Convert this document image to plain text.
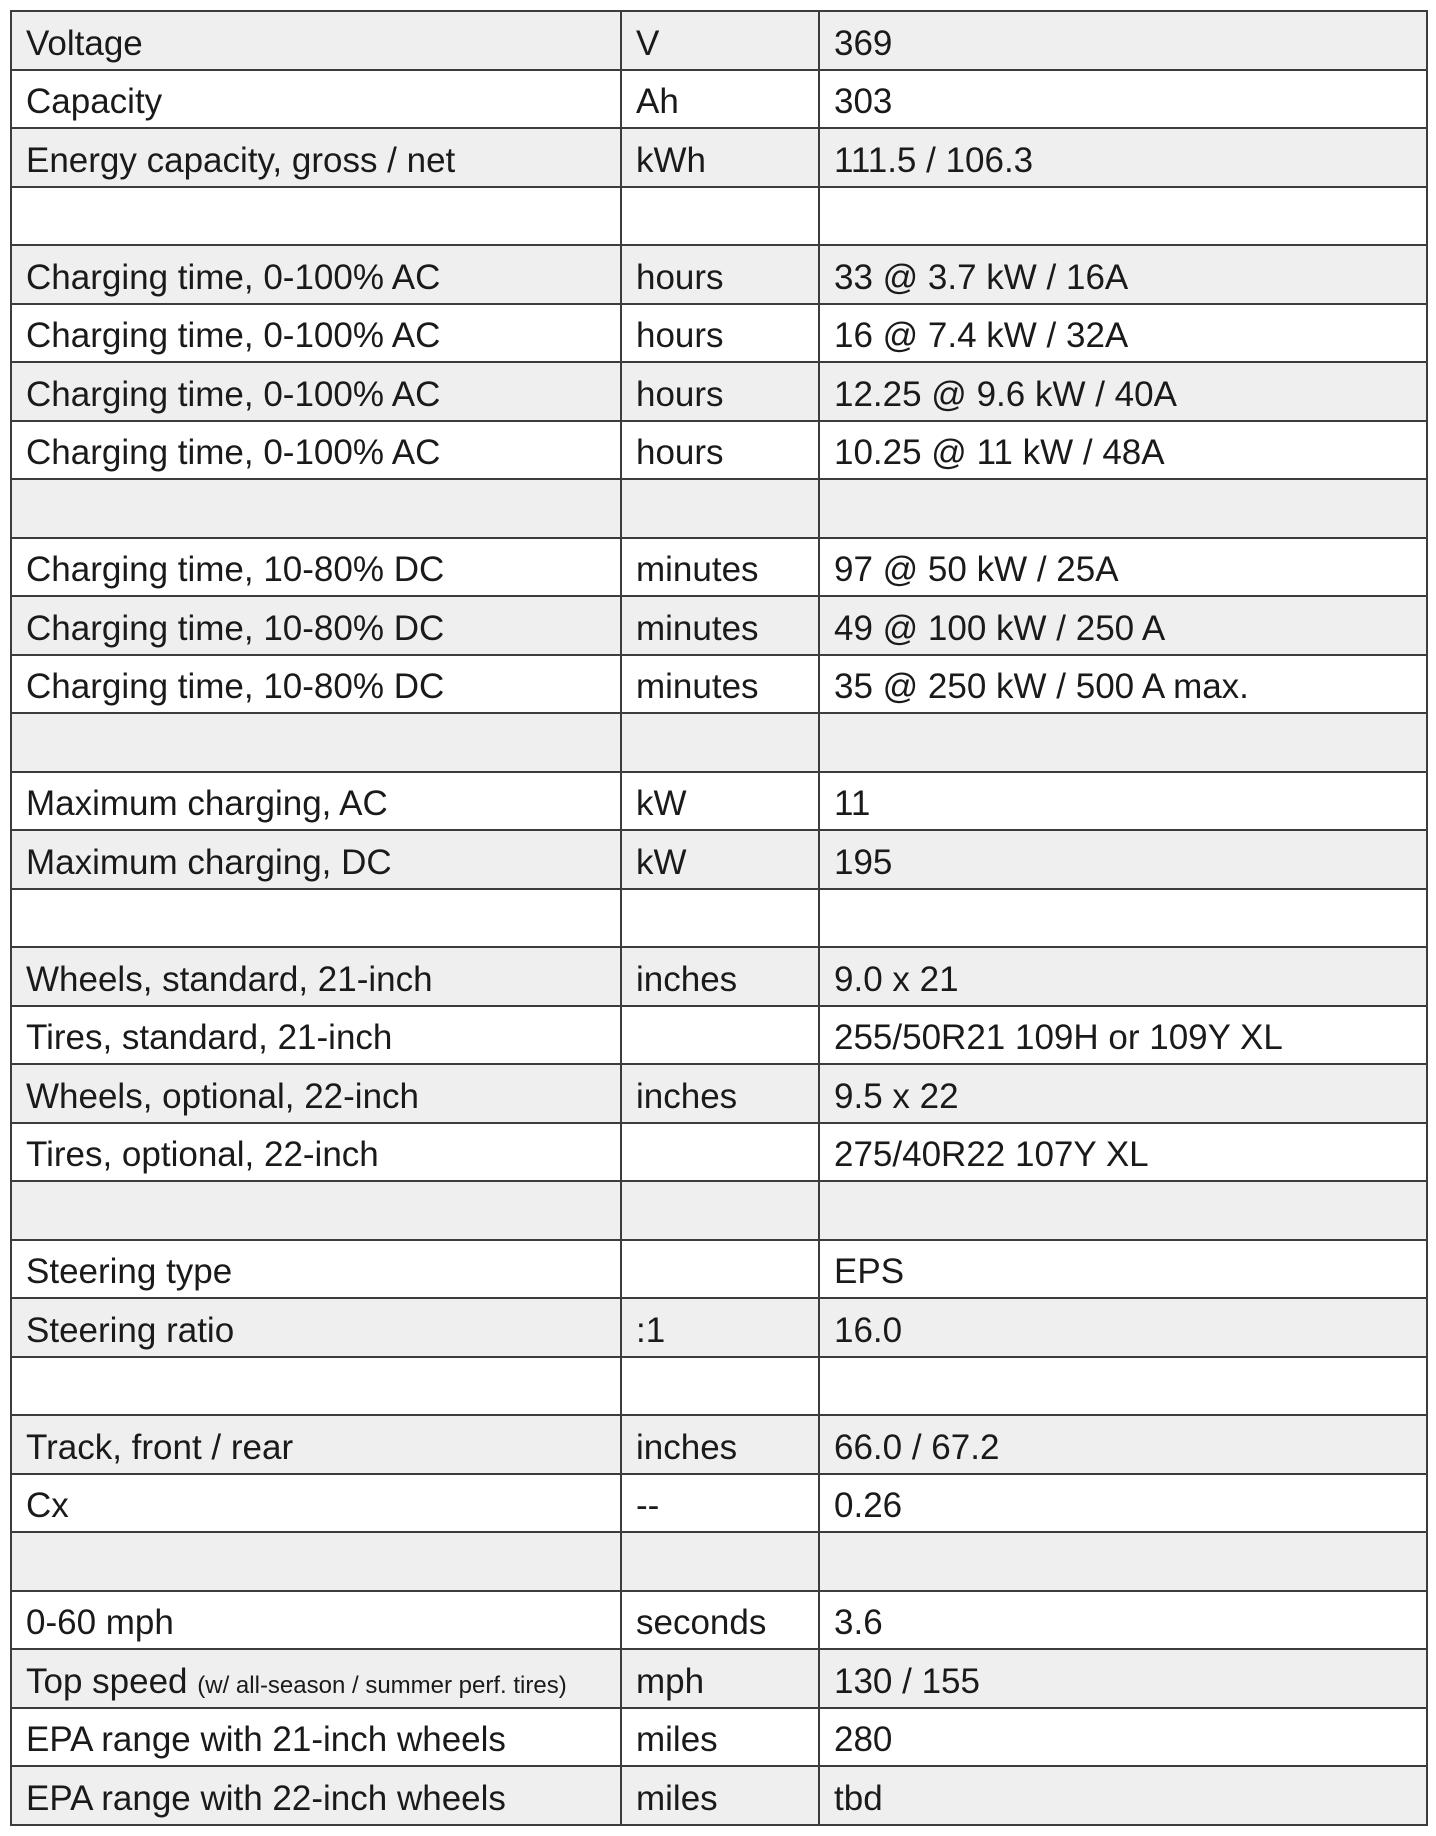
Voltage	V	369
Capacity	Ah	303
Energy capacity, gross / net	kWh	111.5 / 106.3

Charging time, 0-100% AC	hours	33 @ 3.7 kW / 16A
Charging time, 0-100% AC	hours	16 @ 7.4 kW / 32A
Charging time, 0-100% AC	hours	12.25 @ 9.6 kW / 40A
Charging time, 0-100% AC	hours	10.25 @ 11 kW / 48A

Charging time, 10-80% DC	minutes	97 @ 50 kW / 25A
Charging time, 10-80% DC	minutes	49 @ 100 kW / 250 A
Charging time, 10-80% DC	minutes	35 @ 250 kW / 500 A max.

Maximum charging, AC	kW	11
Maximum charging, DC	kW	195

Wheels, standard, 21-inch	inches	9.0 x 21
Tires, standard, 21-inch		255/50R21 109H or 109Y XL
Wheels, optional, 22-inch	inches	9.5 x 22
Tires, optional, 22-inch		275/40R22 107Y XL

Steering type		EPS
Steering ratio	:1	16.0

Track, front / rear	inches	66.0 / 67.2
Cx	--	0.26

0-60 mph	seconds	3.6
Top speed (w/ all-season / summer perf. tires)	mph	130 / 155
EPA range with 21-inch wheels	miles	280
EPA range with 22-inch wheels	miles	tbd
